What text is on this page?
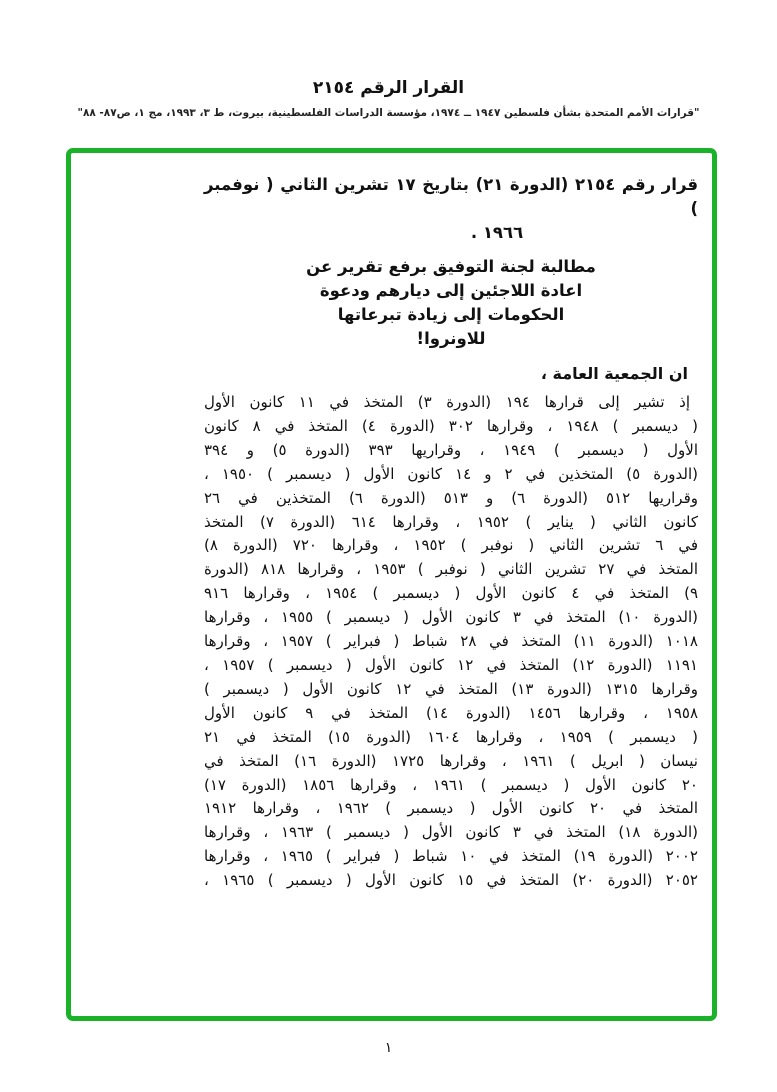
القرار الرقم ٢١٥٤
"قرارات الأمم المتحدة بشأن فلسطين ١٩٤٧ ــ ١٩٧٤، مؤسسة الدراسات الفلسطينية، بيروت، ط ٣، ١٩٩٣، مج ١، ص٨٧- ٨٨"
قرار رقم ٢١٥٤ (الدورة ٢١) بتاريخ ١٧ تشرين الثاني ( نوفمبر )
١٩٦٦ .
مطالبة لجنة التوفيق برفع تقرير عن
اعادة اللاجئين إلى ديارهم ودعوة
الحكومات إلى زيادة تبرعاتها
للاونروا!
ان الجمعية العامة ،
إذ تشير إلى قرارها ١٩٤ (الدورة ٣) المتخذ في ١١ كانون الأول
( ديسمبر ) ١٩٤٨ ، وقرارها ٣٠٢ (الدورة ٤) المتخذ في ٨ كانون
الأول ( ديسمبر ) ١٩٤٩ ، وقراريها ٣٩٣ (الدورة ٥) و ٣٩٤
(الدورة ٥) المتخذين في ٢ و ١٤ كانون الأول ( ديسمبر ) ١٩٥٠ ،
وقراريها ٥١٢ (الدورة ٦) و ٥١٣ (الدورة ٦) المتخذين في ٢٦
كانون الثاني ( يناير ) ١٩٥٢ ، وقرارها ٦١٤ (الدورة ٧) المتخذ
في ٦ تشرين الثاني ( نوفبر ) ١٩٥٢ ، وقرارها ٧٢٠ (الدورة ٨)
المتخذ في ٢٧ تشرين الثاني ( نوفبر ) ١٩٥٣ ، وقرارها ٨١٨ (الدورة
٩) المتخذ في ٤ كانون الأول ( ديسمبر ) ١٩٥٤ ، وقرارها ٩١٦
(الدورة ١٠) المتخذ في ٣ كانون الأول ( ديسمبر ) ١٩٥٥ ، وقرارها
١٠١٨ (الدورة ١١) المتخذ في ٢٨ شباط ( فبراير ) ١٩٥٧ ، وقرارها
١١٩١ (الدورة ١٢) المتخذ في ١٢ كانون الأول ( ديسمبر ) ١٩٥٧ ،
وقرارها ١٣١٥ (الدورة ١٣) المتخذ في ١٢ كانون الأول ( ديسمبر )
١٩٥٨ ، وقرارها ١٤٥٦ (الدورة ١٤) المتخذ في ٩ كانون الأول
( ديسمبر ) ١٩٥٩ ، وقرارها ١٦٠٤ (الدورة ١٥) المتخذ في ٢١
نيسان ( ابريل ) ١٩٦١ ، وقرارها ١٧٢٥ (الدورة ١٦) المتخذ في
٢٠ كانون الأول ( ديسمبر ) ١٩٦١ ، وقرارها ١٨٥٦ (الدورة ١٧)
المتخذ في ٢٠ كانون الأول ( ديسمبر ) ١٩٦٢ ، وقرارها ١٩١٢
(الدورة ١٨) المتخذ في ٣ كانون الأول ( ديسمبر ) ١٩٦٣ ، وقرارها
٢٠٠٢ (الدورة ١٩) المتخذ في ١٠ شباط ( فبراير ) ١٩٦٥ ، وقرارها
٢٠٥٢ (الدورة ٢٠) المتخذ في ١٥ كانون الأول ( ديسمبر ) ١٩٦٥ ،
١
